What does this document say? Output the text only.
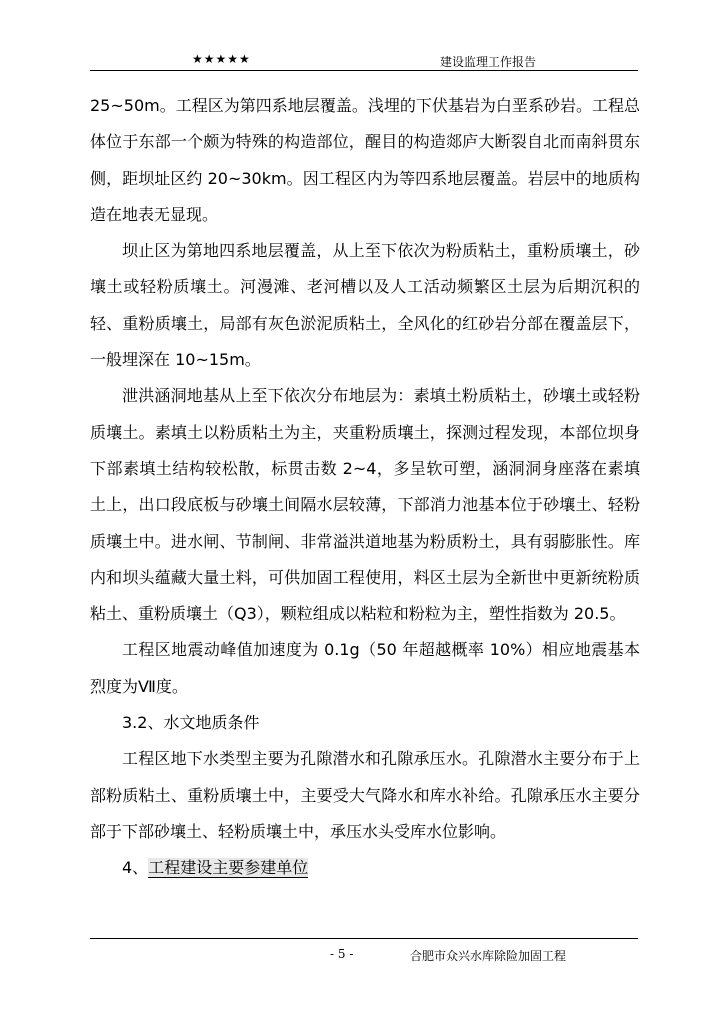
★★★★★	建设监理工作报告

25~50m。工程区为第四系地层覆盖。浅埋的下伏基岩为白垩系砂岩。工程总体位于东部一个颇为特殊的构造部位，醒目的构造郯庐大断裂自北而南斜贯东侧，距坝址区约 20~30km。因工程区内为等四系地层覆盖。岩层中的地质构造在地表无显现。

坝止区为第地四系地层覆盖，从上至下依次为粉质粘土，重粉质壤土，砂壤土或轻粉质壤土。河漫滩、老河槽以及人工活动频繁区土层为后期沉积的轻、重粉质壤土，局部有灰色淤泥质粘土，全风化的红砂岩分部在覆盖层下，一般埋深在 10~15m。

泄洪涵洞地基从上至下依次分布地层为：素填土粉质粘土，砂壤土或轻粉质壤土。素填土以粉质粘土为主，夹重粉质壤土，探测过程发现，本部位坝身下部素填土结构较松散，标贯击数 2~4，多呈软可塑，涵洞洞身座落在素填土上，出口段底板与砂壤土间隔水层较薄，下部消力池基本位于砂壤土、轻粉质壤土中。进水闸、节制闸、非常溢洪道地基为粉质粉土，具有弱膨胀性。库内和坝头蕴藏大量土料，可供加固工程使用，料区土层为全新世中更新统粉质粘土、重粉质壤土（Q3），颗粒组成以粘粒和粉粒为主，塑性指数为 20.5。

工程区地震动峰值加速度为 0.1g（50 年超越概率 10%）相应地震基本烈度为Ⅶ度。

3.2、水文地质条件

工程区地下水类型主要为孔隙潜水和孔隙承压水。孔隙潜水主要分布于上部粉质粘土、重粉质壤土中，主要受大气降水和库水补给。孔隙承压水主要分部于下部砂壤土、轻粉质壤土中，承压水头受库水位影响。

4、工程建设主要参建单位

- 5 -	合肥市众兴水库除险加固工程
